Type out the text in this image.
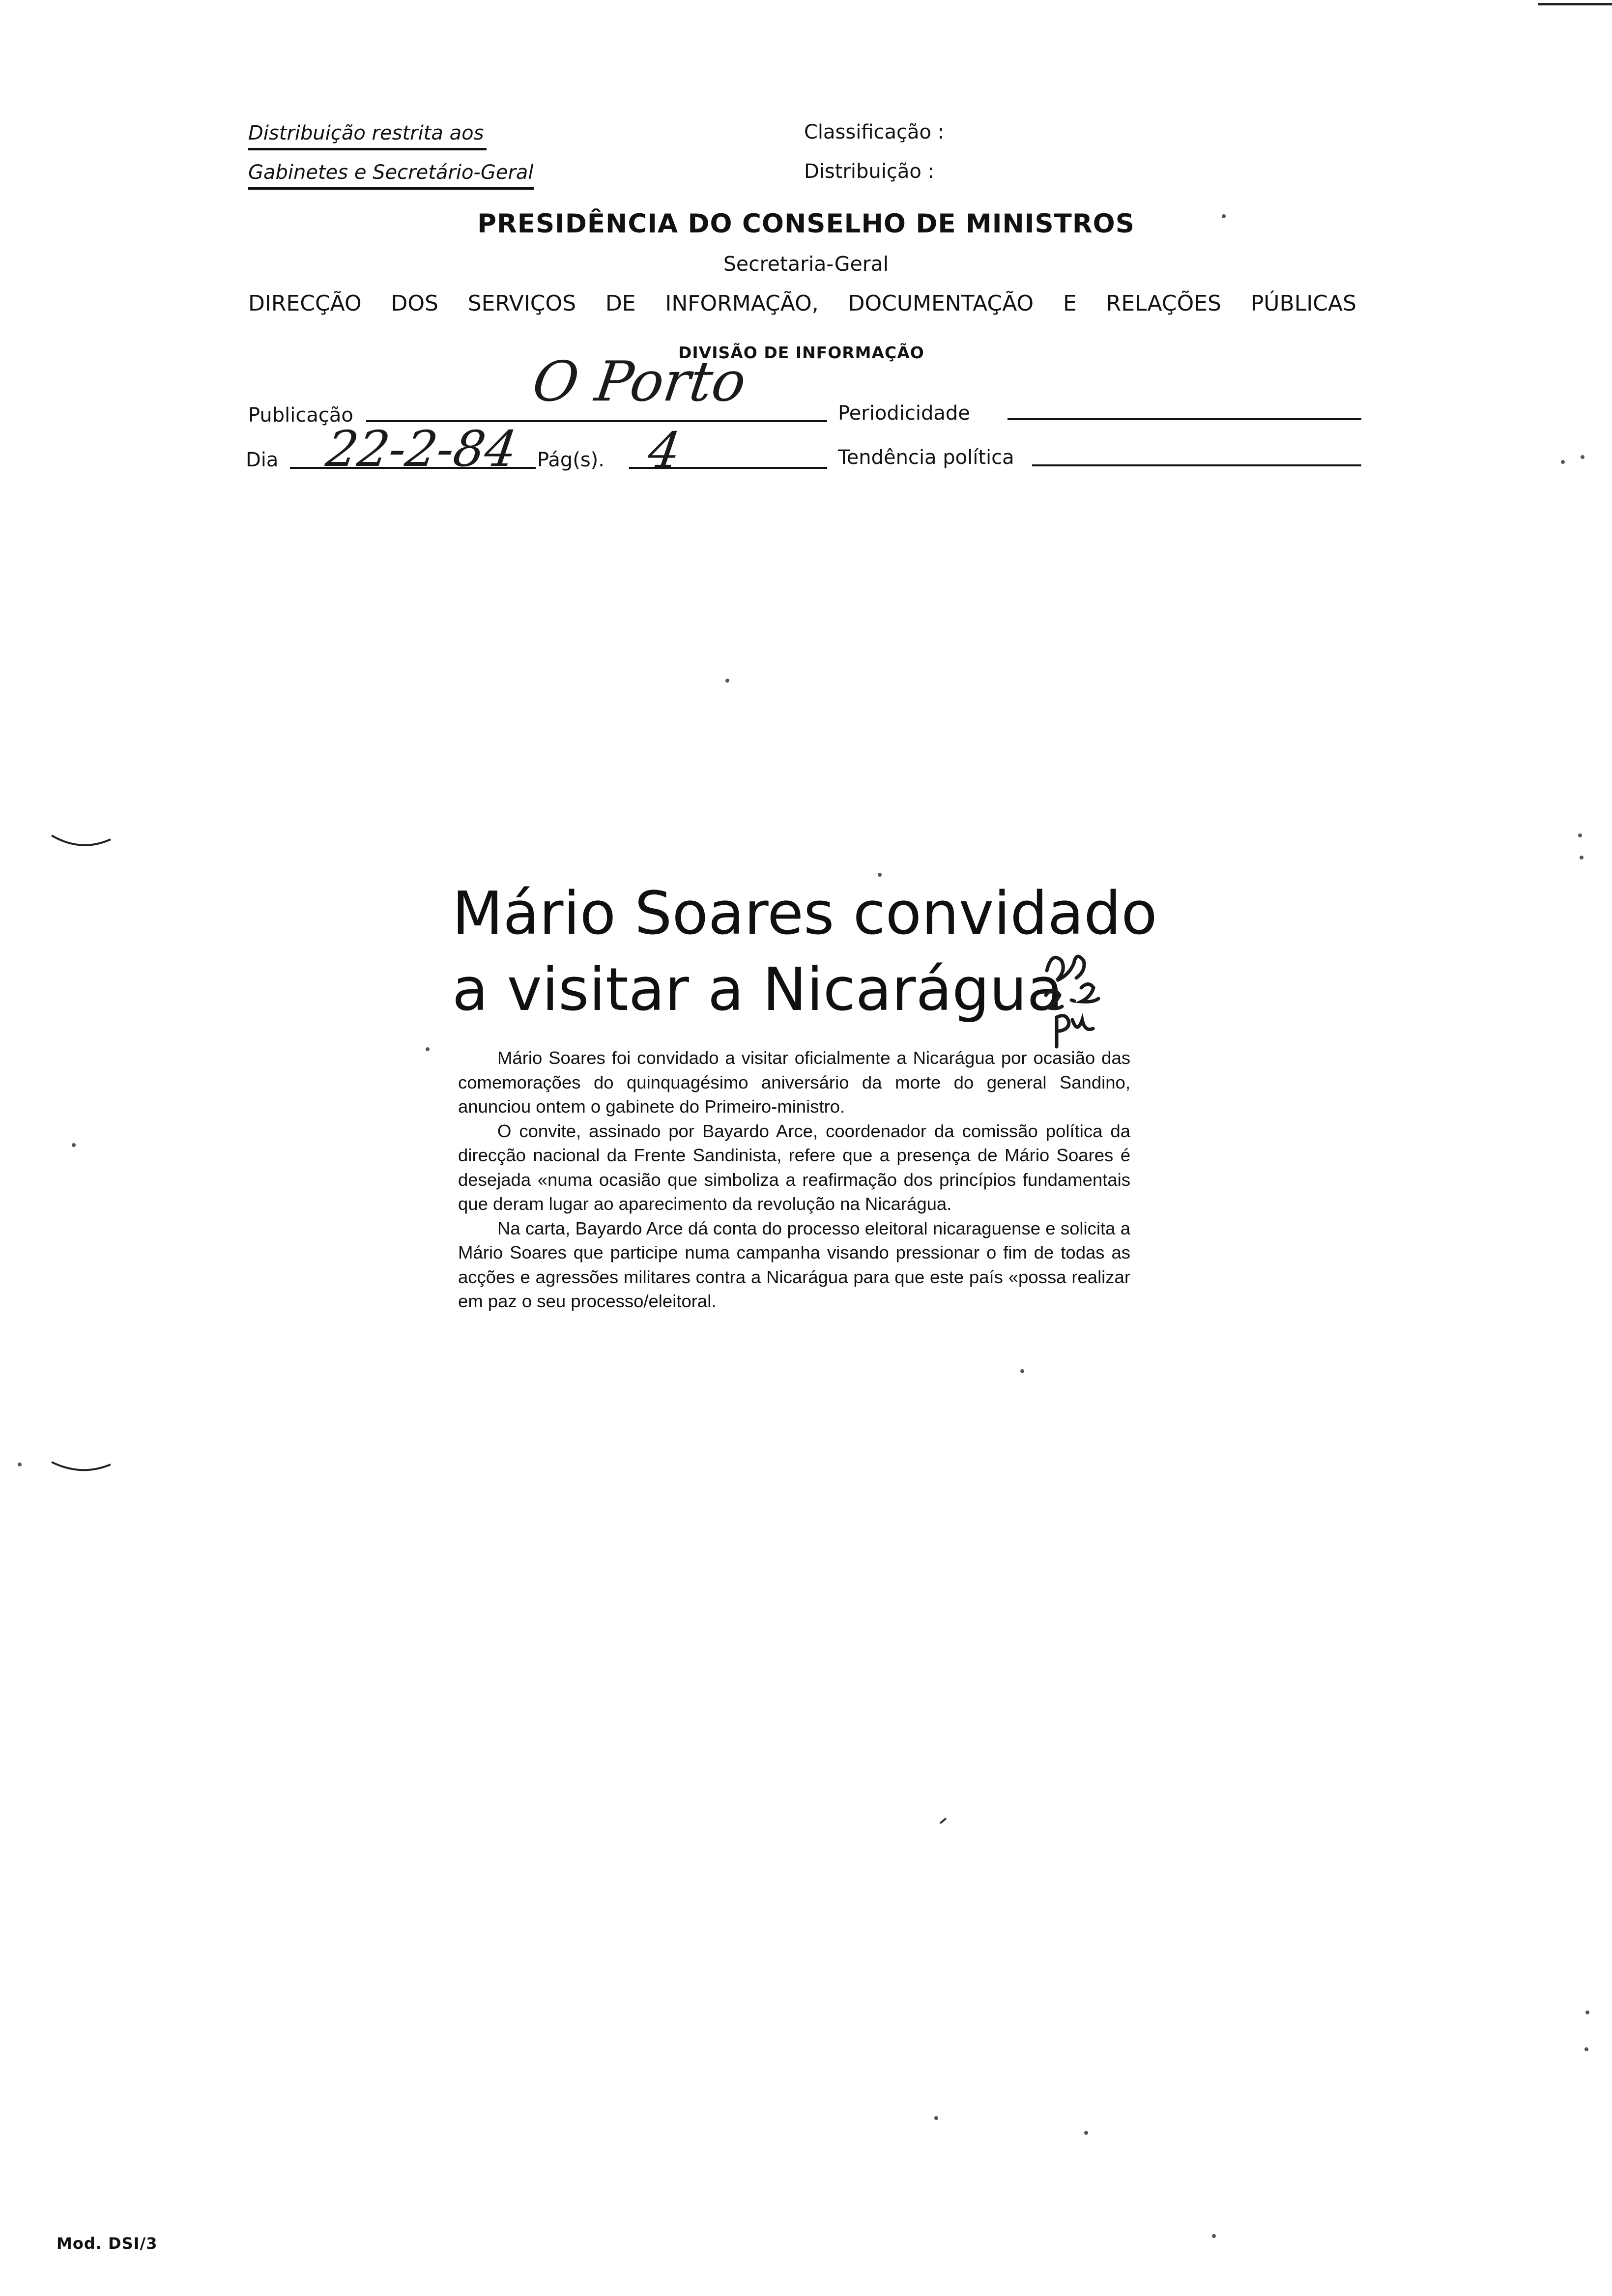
Distribuição restrita aos
Gabinetes e Secretário-Geral
Classificação :
Distribuição :
PRESIDÊNCIA DO CONSELHO DE MINISTROS
Secretaria-Geral
DIRECÇÃO DOS SERVIÇOS DE INFORMAÇÃO, DOCUMENTAÇÃO E RELAÇÕES PÚBLICAS
DIVISÃO DE INFORMAÇÃO
Publicação
O Porto	Periodicidade
Dia 22-2-84 Pág(s). 4	Tendência política
Mário Soares convidado
a visitar a Nicarágua

Mário Soares foi convidado a visitar oficialmente a Nicarágua por ocasião das comemorações do quinquagésimo aniversário da morte do general Sandino, anunciou ontem o gabinete do Primeiro-ministro.

O convite, assinado por Bayardo Arce, coordenador da comissão política da direcção nacional da Frente Sandinista, refere que a presença de Mário Soares é desejada «numa ocasião que simboliza a reafirmação dos princípios fundamentais que deram lugar ao aparecimento da revolução na Nicarágua.

Na carta, Bayardo Arce dá conta do processo eleitoral nicaraguense e solicita a Mário Soares que participe numa campanha visando pressionar o fim de todas as acções e agressões militares contra a Nicarágua para que este país «possa realizar em paz o seu processo/eleitoral.

Mod. DSI/3
